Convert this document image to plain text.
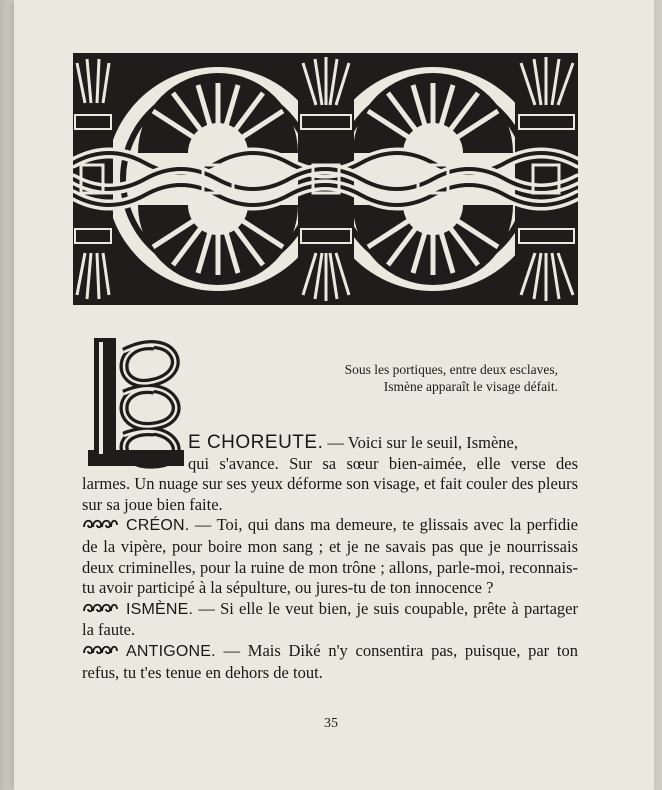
L	Sous les portiques, entre deux esclaves,
Ismène apparaît le visage défait.

E CHOREUTE. — Voici sur le seuil, Ismène,
qui s'avance. Sur sa sœur bien-aimée, elle verse des
larmes. Un nuage sur ses yeux déforme son visage, et fait couler des pleurs sur sa joue bien faite.

CRÉON. — Toi, qui dans ma demeure, te glissais avec la perfidie de la vipère, pour boire mon sang ; et je ne savais pas que je nourrissais deux criminelles, pour la ruine de mon trône ; allons, parle-moi, reconnais-tu avoir participé à la sépulture, ou jures-tu de ton innocence ?

ISMÈNE. — Si elle le veut bien, je suis coupable, prête à partager la faute.

ANTIGONE. — Mais Diké n'y consentira pas, puisque, par ton refus, tu t'es tenue en dehors de tout.

35
